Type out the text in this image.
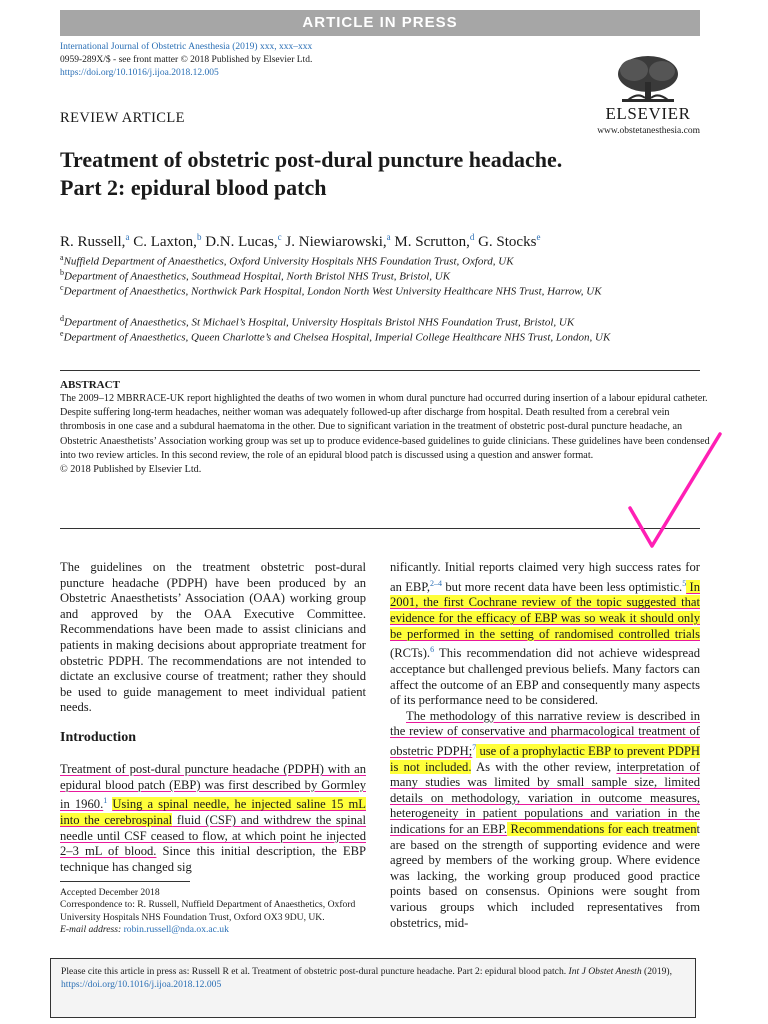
ARTICLE IN PRESS
International Journal of Obstetric Anesthesia (2019) xxx, xxx–xxx
0959-289X/$ - see front matter © 2018 Published by Elsevier Ltd.
https://doi.org/10.1016/j.ijoa.2018.12.005
REVIEW ARTICLE	ELSEVIER
www.obstetanesthesia.com
Treatment of obstetric post-dural puncture headache.
Part 2: epidural blood patch
R. Russell,$^a$ C. Laxton,$^b$ D.N. Lucas,$^c$ J. Niewiarowski,$^a$ M. Scrutton,$^d$ G. Stocks$^e$
$^a$Nuffield Department of Anaesthetics, Oxford University Hospitals NHS Foundation Trust, Oxford, UK
$^b$Department of Anaesthetics, Southmead Hospital, North Bristol NHS Trust, Bristol, UK
$^c$Department of Anaesthetics, Northwick Park Hospital, London North West University Healthcare NHS Trust, Harrow, UK
$^d$Department of Anaesthetics, St Michael’s Hospital, University Hospitals Bristol NHS Foundation Trust, Bristol, UK
$^e$Department of Anaesthetics, Queen Charlotte’s and Chelsea Hospital, Imperial College Healthcare NHS Trust, London, UK
ABSTRACT
The 2009–12 MBRRACE-UK report highlighted the deaths of two women in whom dural puncture had occurred during insertion of a labour epidural catheter. Despite suffering long-term headaches, neither woman was adequately followed-up after discharge from hospital. Death resulted from a cerebral vein thrombosis in one case and a subdural haematoma in the other. Due to significant variation in the treatment of obstetric post-dural puncture headache, an Obstetric Anaesthetists’ Association working group was set up to produce evidence-based guidelines to guide clinicians. These guidelines have been condensed into two review articles. In this second review, the role of an epidural blood patch is discussed using a question and answer format.
© 2018 Published by Elsevier Ltd.

The guidelines on the treatment obstetric post-dural puncture headache (PDPH) have been produced by an Obstetric Anaesthetists’ Association (OAA) working group and approved by the OAA Executive Committee. Recommendations have been made to assist clinicians and patients in making decisions about appropriate treatment for obstetric PDPH. The recommendations are not intended to dictate an exclusive course of treatment; rather they should be used to guide management to meet individual patient needs.

Introduction

Treatment of post-dural puncture headache (PDPH) with an epidural blood patch (EBP) was first described by Gormley in 1960.$^1$ Using a spinal needle, he injected saline 15 mL into the cerebrospinal fluid (CSF) and withdrew the spinal needle until CSF ceased to flow, at which point he injected 2–3 mL of blood. Since this initial description, the EBP technique has changed sig

nificantly. Initial reports claimed very high success rates for an EBP,$^{2-4}$ but more recent data have been less optimistic.$^5$ In 2001, the first Cochrane review of the topic suggested that evidence for the efficacy of EBP was so weak it should only be performed in the setting of randomised controlled trials (RCTs).$^6$ This recommendation did not achieve widespread acceptance but challenged previous beliefs. Many factors can affect the outcome of an EBP and consequently many aspects of its performance need to be considered.

The methodology of this narrative review is described in the review of conservative and pharmacological treatment of obstetric PDPH;$^7$ use of a prophylactic EBP to prevent PDPH is not included. As with the other review, interpretation of many studies was limited by small sample size, limited details on methodology, variation in outcome measures, heterogeneity in patient populations and variation in the indications for an EBP. Recommendations for each treatment are based on the strength of supporting evidence and were agreed by members of the working group. Where evidence was lacking, the working group produced good practice points based on consensus. Opinions were sought from various groups which included representatives from obstetrics, mid-

Accepted December 2018
Correspondence to: R. Russell, Nuffield Department of Anaesthetics, Oxford University Hospitals NHS Foundation Trust, Oxford OX3 9DU, UK.
E-mail address: robin.russell@nda.ox.ac.uk
Please cite this article in press as: Russell R et al. Treatment of obstetric post-dural puncture headache. Part 2: epidural blood patch. Int J Obstet Anesth (2019), https://doi.org/10.1016/j.ijoa.2018.12.005
